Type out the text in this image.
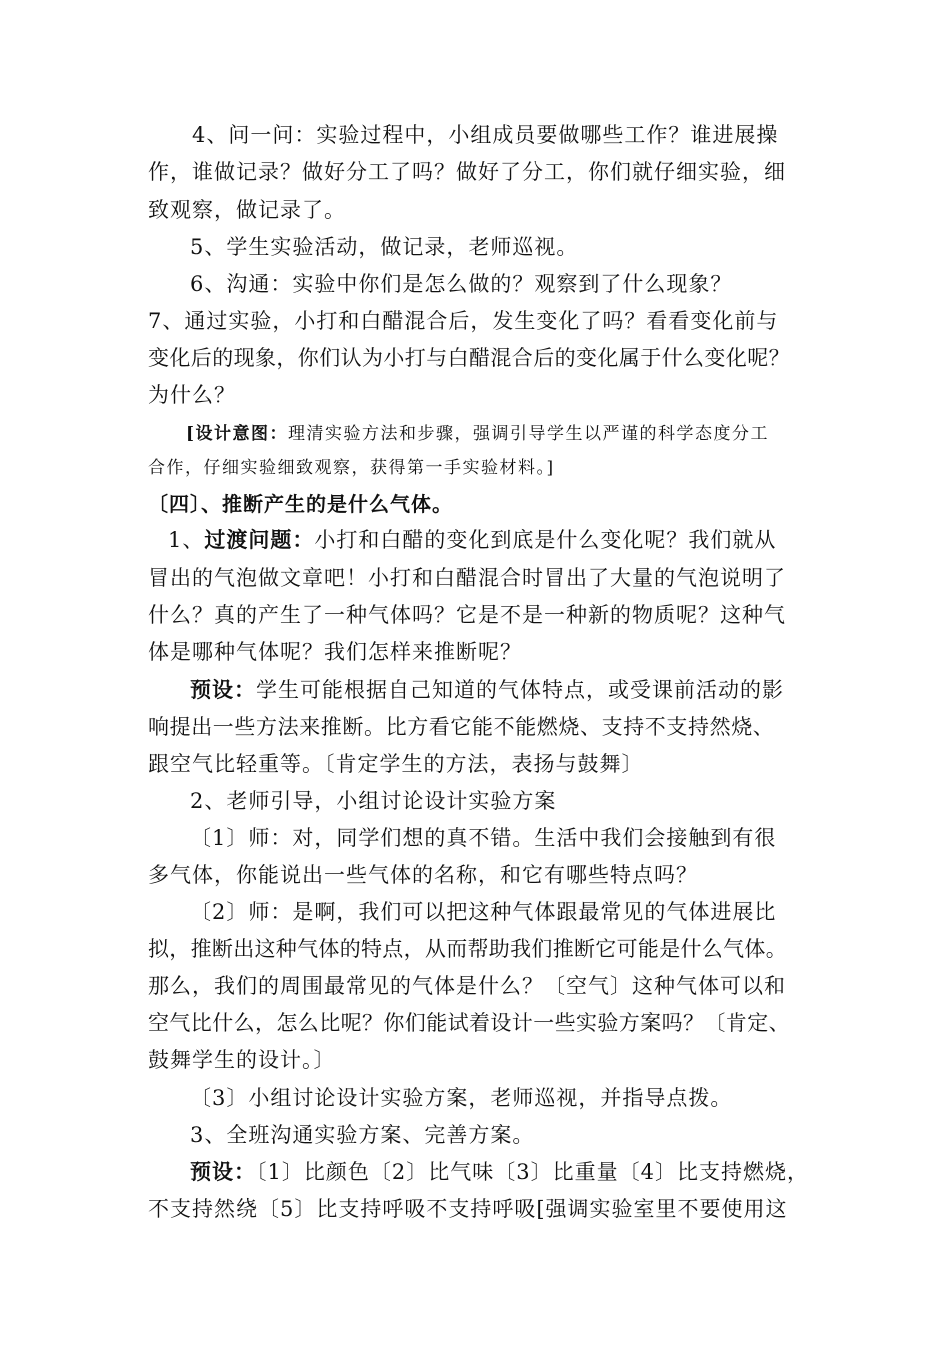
4、问一问：实验过程中，小组成员要做哪些工作？谁进展操
作，谁做记录？做好分工了吗？做好了分工，你们就仔细实验，细
致观察，做记录了。
5、学生实验活动，做记录，老师巡视。
6、沟通：实验中你们是怎么做的？观察到了什么现象？
7、通过实验，小打和白醋混合后，发生变化了吗？看看变化前与
变化后的现象，你们认为小打与白醋混合后的变化属于什么变化呢？
为什么？
[设计意图：理清实验方法和步骤，强调引导学生以严谨的科学态度分工
合作，仔细实验细致观察，获得第一手实验材料。]
〔四〕、推断产生的是什么气体。
1、过渡问题：小打和白醋的变化到底是什么变化呢？我们就从
冒出的气泡做文章吧！小打和白醋混合时冒出了大量的气泡说明了
什么？真的产生了一种气体吗？它是不是一种新的物质呢？这种气
体是哪种气体呢？我们怎样来推断呢？
预设：学生可能根据自己知道的气体特点，或受课前活动的影
响提出一些方法来推断。比方看它能不能燃烧、支持不支持然烧、
跟空气比轻重等。〔肯定学生的方法，表扬与鼓舞〕
2、老师引导，小组讨论设计实验方案
〔1〕师：对，同学们想的真不错。生活中我们会接触到有很
多气体，你能说出一些气体的名称，和它有哪些特点吗？
〔2〕师：是啊，我们可以把这种气体跟最常见的气体进展比
拟，推断出这种气体的特点，从而帮助我们推断它可能是什么气体。
那么，我们的周围最常见的气体是什么？〔空气〕这种气体可以和
空气比什么，怎么比呢？你们能试着设计一些实验方案吗？〔肯定、
鼓舞学生的设计。〕
〔3〕小组讨论设计实验方案，老师巡视，并指导点拨。
3、全班沟通实验方案、完善方案。
预设：〔1〕比颜色〔2〕比气味〔3〕比重量〔4〕比支持燃烧，
不支持然绕〔5〕比支持呼吸不支持呼吸[强调实验室里不要使用这
